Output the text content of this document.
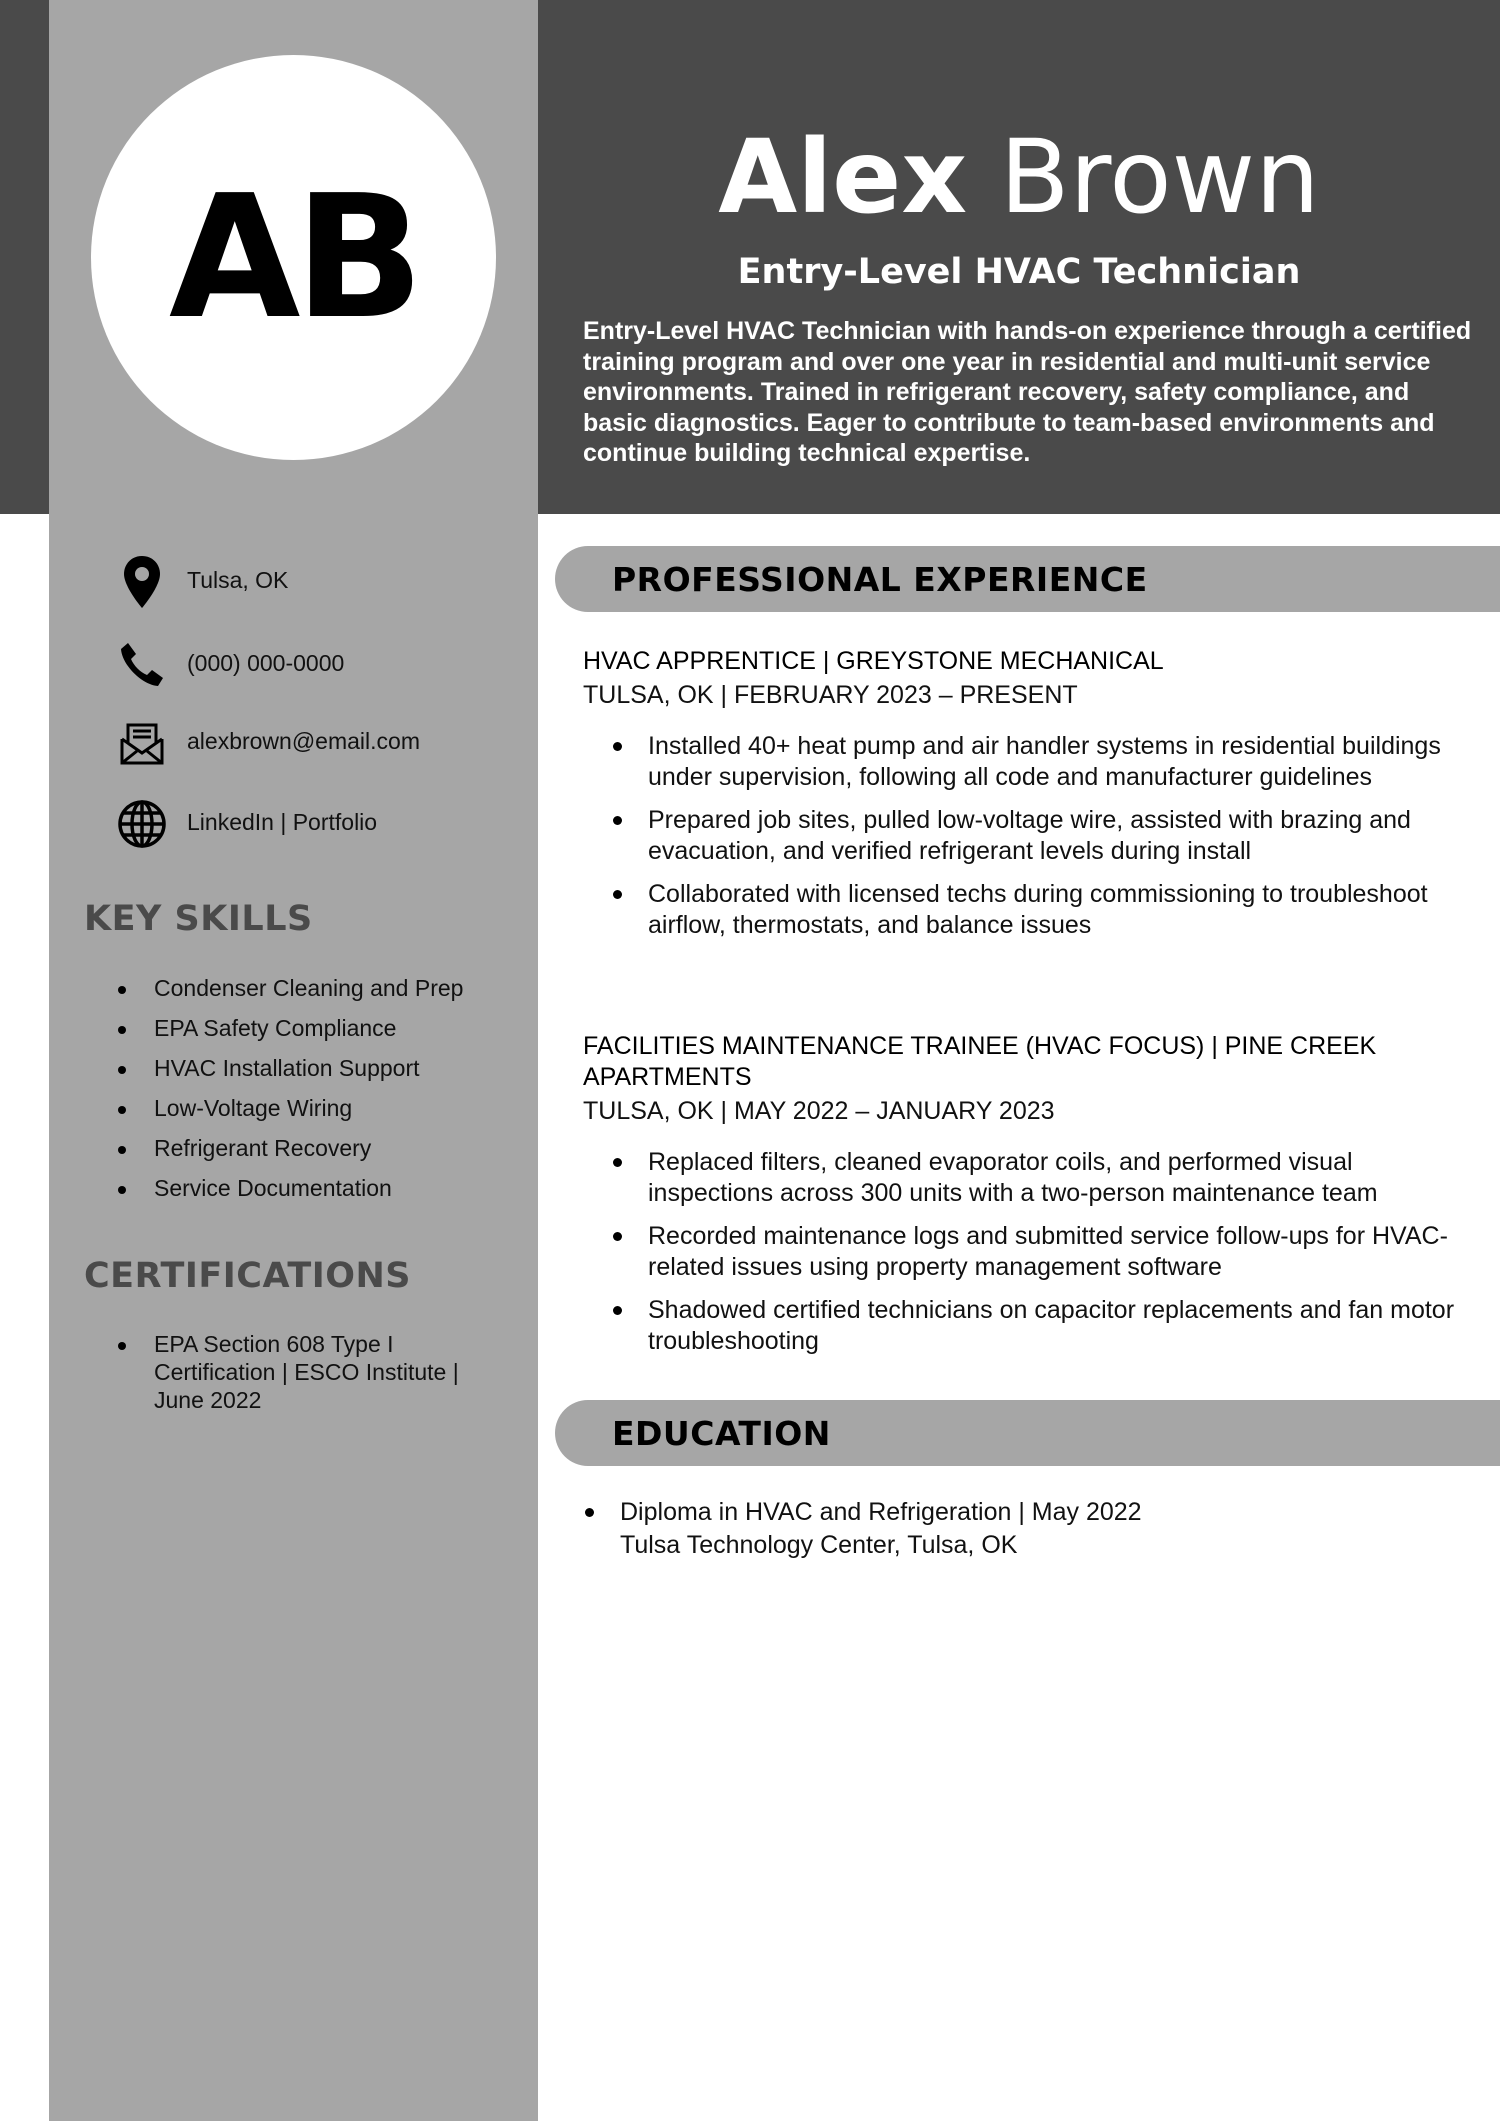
AB	Alex Brown
Entry-Level HVAC Technician
Entry-Level HVAC Technician with hands-on experience through a certified training program and over one year in residential and multi-unit service environments. Trained in refrigerant recovery, safety compliance, and basic diagnostics. Eager to contribute to team-based environments and continue building technical expertise.
Tulsa, OK
(000) 000-0000
alexbrown@email.com
LinkedIn | Portfolio
KEY SKILLS
Condenser Cleaning and Prep
EPA Safety Compliance
HVAC Installation Support
Low-Voltage Wiring
Refrigerant Recovery
Service Documentation
CERTIFICATIONS
EPA Section 608 Type I Certification | ESCO Institute | June 2022
PROFESSIONAL EXPERIENCE
HVAC APPRENTICE | GREYSTONE MECHANICAL
TULSA, OK | FEBRUARY 2023 – PRESENT
Installed 40+ heat pump and air handler systems in residential buildings under supervision, following all code and manufacturer guidelines
Prepared job sites, pulled low-voltage wire, assisted with brazing and evacuation, and verified refrigerant levels during install
Collaborated with licensed techs during commissioning to troubleshoot airflow, thermostats, and balance issues
FACILITIES MAINTENANCE TRAINEE (HVAC FOCUS) | PINE CREEK APARTMENTS
TULSA, OK | MAY 2022 – JANUARY 2023
Replaced filters, cleaned evaporator coils, and performed visual inspections across 300 units with a two-person maintenance team
Recorded maintenance logs and submitted service follow-ups for HVAC-related issues using property management software
Shadowed certified technicians on capacitor replacements and fan motor troubleshooting
EDUCATION
Diploma in HVAC and Refrigeration | May 2022
Tulsa Technology Center, Tulsa, OK
